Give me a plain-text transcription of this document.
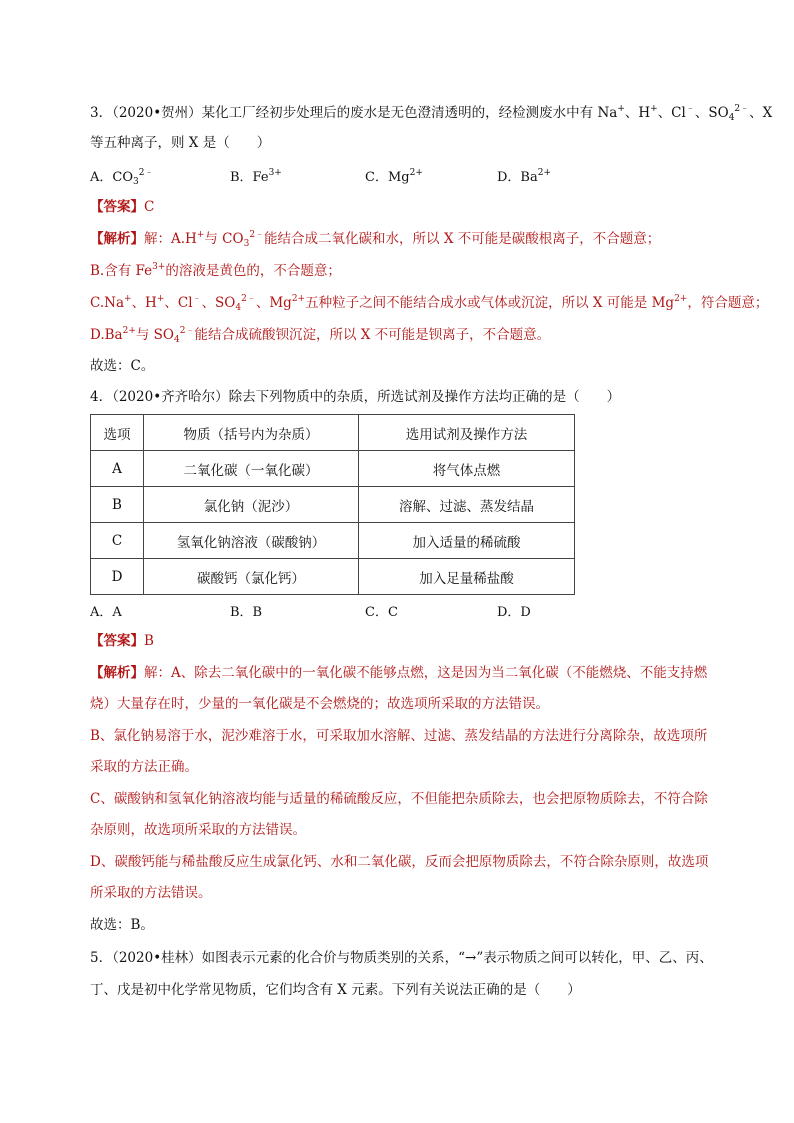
3．（2020•贺州）某化工厂经初步处理后的废水是无色澄清透明的，经检测废水中有 Na+、H+、Cl﹣、$SO_4^{2﹣}$、X
等五种离子，则 X 是（　　）
A．$CO_3^{2﹣}$	B．$Fe^{3+}$	C．$Mg^{2+}$	D．$Ba^{2+}$
【答案】C
【解析】解：A.H+与 $CO_3^{2﹣}$能结合成二氧化碳和水，所以 X 不可能是碳酸根离子，不合题意；
B.含有 $Fe^{3+}$的溶液是黄色的，不合题意；
C.Na+、H+、Cl﹣、$SO_4^{2﹣}$、$Mg^{2+}$五种粒子之间不能结合成水或气体或沉淀，所以 X 可能是 $Mg^{2+}$，符合题意；
$D.Ba^{2+}$与 $SO_4^{2﹣}$能结合成硫酸钡沉淀，所以 X 不可能是钡离子，不合题意。
故选：C。
4．（2020•齐齐哈尔）除去下列物质中的杂质，所选试剂及操作方法均正确的是（　　）
选项	物质（括号内为杂质）	选用试剂及操作方法
A	二氧化碳（一氧化碳）	将气体点燃
B	氯化钠（泥沙）	溶解、过滤、蒸发结晶
C	氢氧化钠溶液（碳酸钠）	加入适量的稀硫酸
D	碳酸钙（氯化钙）	加入足量稀盐酸
A．A	B．B	C．C	D．D
【答案】B
【解析】解：A、除去二氧化碳中的一氧化碳不能够点燃，这是因为当二氧化碳（不能燃烧、不能支持燃
烧）大量存在时，少量的一氧化碳是不会燃烧的；故选项所采取的方法错误。
B、氯化钠易溶于水，泥沙难溶于水，可采取加水溶解、过滤、蒸发结晶的方法进行分离除杂，故选项所
采取的方法正确。
C、碳酸钠和氢氧化钠溶液均能与适量的稀硫酸反应，不但能把杂质除去，也会把原物质除去，不符合除
杂原则，故选项所采取的方法错误。
D、碳酸钙能与稀盐酸反应生成氯化钙、水和二氧化碳，反而会把原物质除去，不符合除杂原则，故选项
所采取的方法错误。
故选：B。
5．（2020•桂林）如图表示元素的化合价与物质类别的关系，“→”表示物质之间可以转化，甲、乙、丙、
丁、戊是初中化学常见物质，它们均含有 X 元素。下列有关说法正确的是（　　）
